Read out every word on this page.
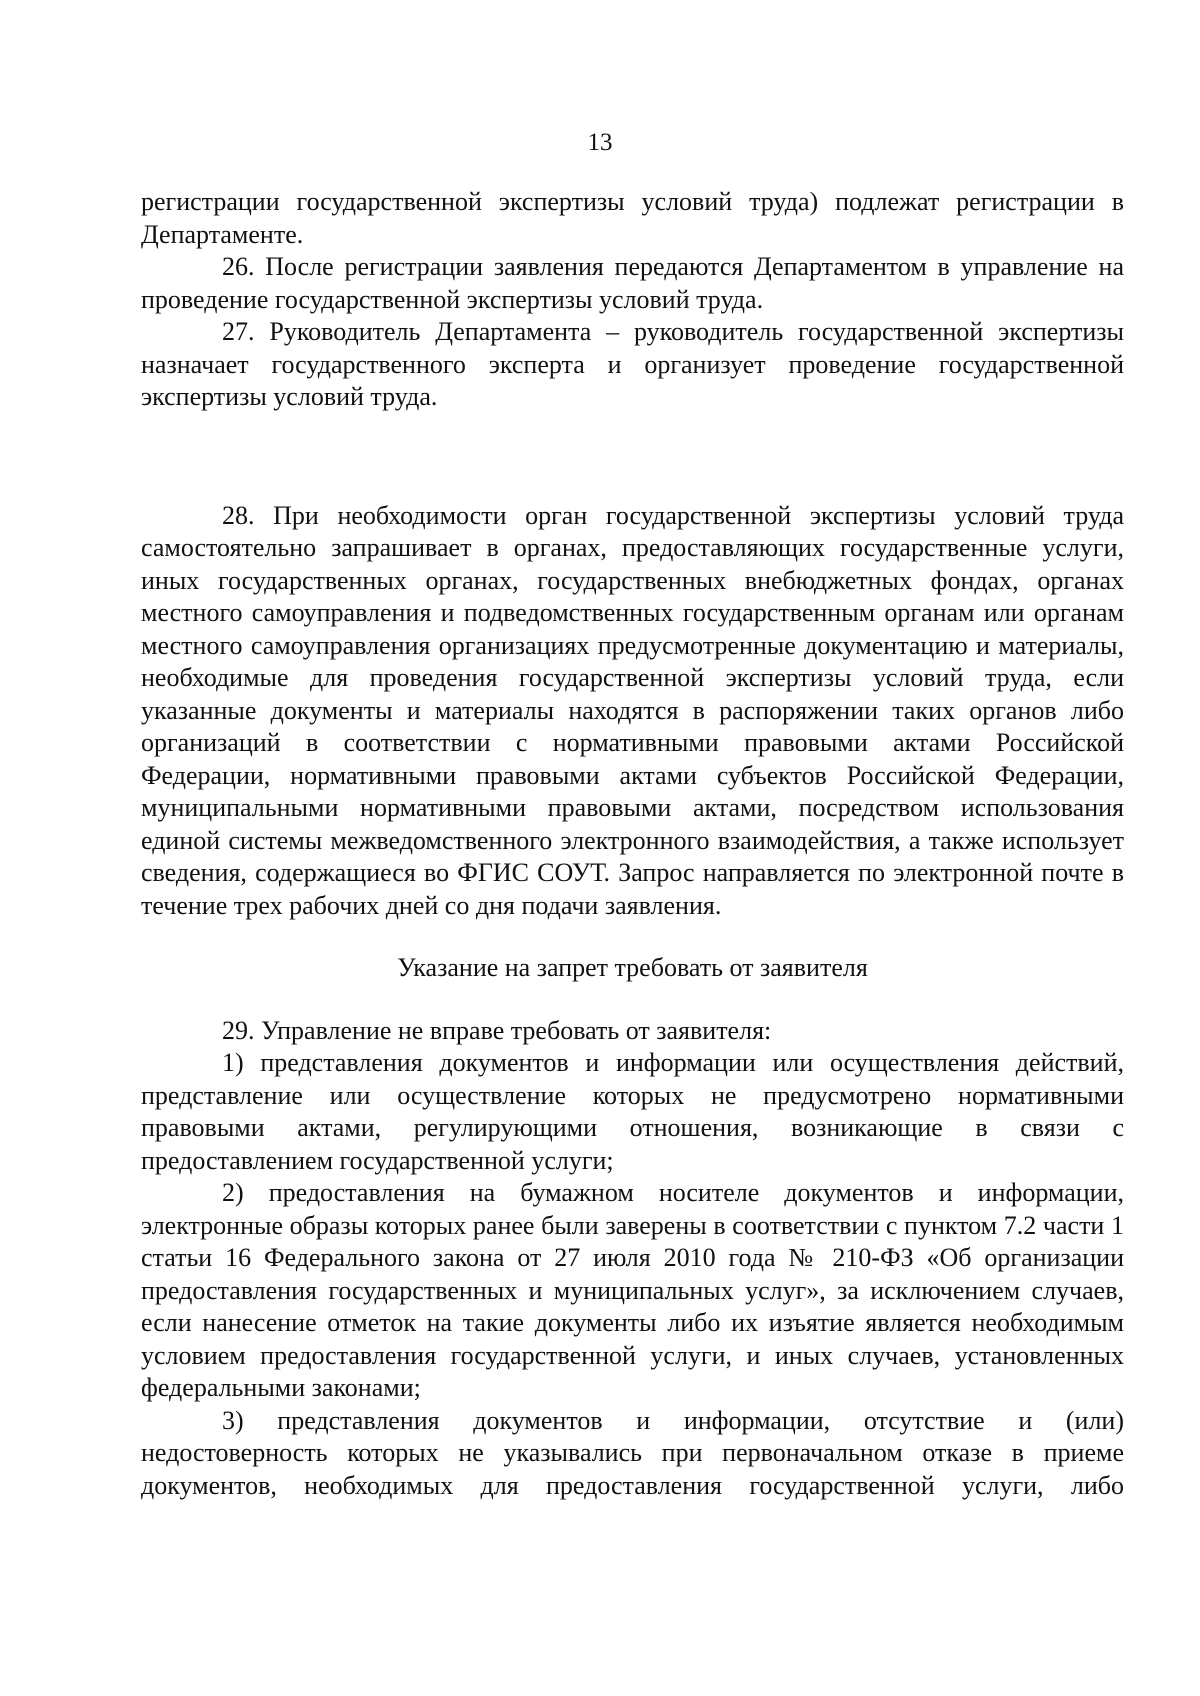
13

регистрации государственной экспертизы условий труда) подлежат регистрации в Департаменте.

26. После регистрации заявления передаются Департаментом в управление на проведение государственной экспертизы условий труда.

27. Руководитель Департамента – руководитель государственной экспертизы назначает государственного эксперта и организует проведение государственной экспертизы условий труда.

28. При необходимости орган государственной экспертизы условий труда самостоятельно запрашивает в органах, предоставляющих государственные услуги, иных государственных органах, государственных внебюджетных фондах, органах местного самоуправления и подведомственных государственным органам или органам местного самоуправления организациях предусмотренные документацию и материалы, необходимые для проведения государственной экспертизы условий труда, если указанные документы и материалы находятся в распоряжении таких органов либо организаций в соответствии с нормативными правовыми актами Российской Федерации, нормативными правовыми актами субъектов Российской Федерации, муниципальными нормативными правовыми актами, посредством использования единой системы межведомственного электронного взаимодействия, а также использует сведения, содержащиеся во ФГИС СОУТ. Запрос направляется по электронной почте в течение трех рабочих дней со дня подачи заявления.

Указание на запрет требовать от заявителя

29. Управление не вправе требовать от заявителя:

1) представления документов и информации или осуществления действий, представление или осуществление которых не предусмотрено нормативными правовыми актами, регулирующими отношения, возникающие в связи с предоставлением государственной услуги;

2) предоставления на бумажном носителе документов и информации, электронные образы которых ранее были заверены в соответствии с пунктом 7.2 части 1 статьи 16 Федерального закона от 27 июля 2010 года № 210-ФЗ «Об организации предоставления государственных и муниципальных услуг», за исключением случаев, если нанесение отметок на такие документы либо их изъятие является необходимым условием предоставления государственной услуги, и иных случаев, установленных федеральными законами;

3) представления документов и информации, отсутствие и (или) недостоверность которых не указывались при первоначальном отказе в приеме документов, необходимых для предоставления государственной услуги, либо
